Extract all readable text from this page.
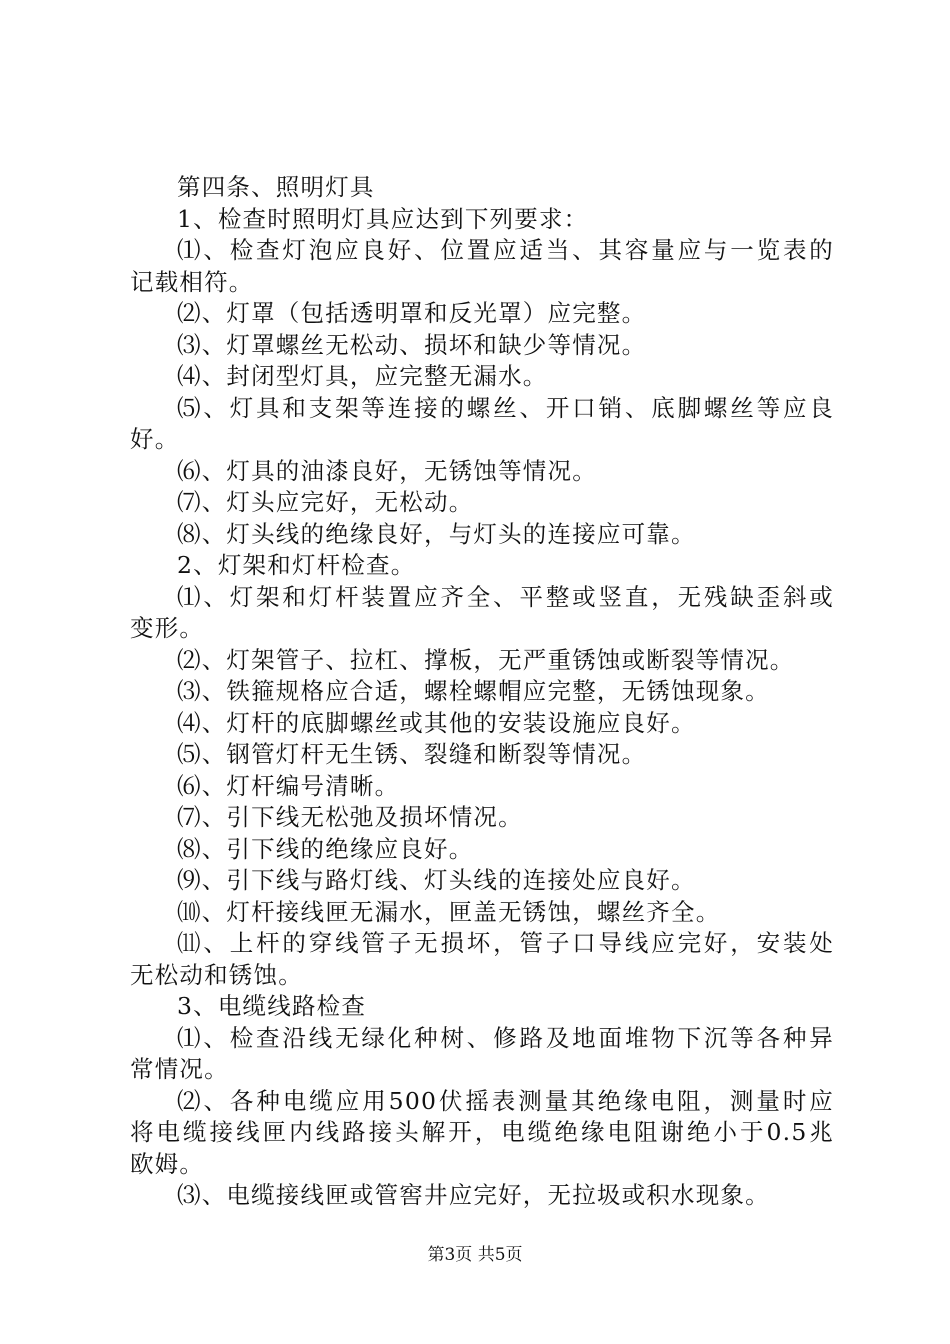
第四条、照明灯具
1、检查时照明灯具应达到下列要求：
⑴、检查灯泡应良好、位置应适当、其容量应与一览表的
记载相符。
⑵、灯罩（包括透明罩和反光罩）应完整。
⑶、灯罩螺丝无松动、损坏和缺少等情况。
⑷、封闭型灯具，应完整无漏水。
⑸、灯具和支架等连接的螺丝、开口销、底脚螺丝等应良
好。
⑹、灯具的油漆良好，无锈蚀等情况。
⑺、灯头应完好，无松动。
⑻、灯头线的绝缘良好，与灯头的连接应可靠。
2、灯架和灯杆检查。
⑴、灯架和灯杆装置应齐全、平整或竖直，无残缺歪斜或
变形。
⑵、灯架管子、拉杠、撑板，无严重锈蚀或断裂等情况。
⑶、铁箍规格应合适，螺栓螺帽应完整，无锈蚀现象。
⑷、灯杆的底脚螺丝或其他的安装设施应良好。
⑸、钢管灯杆无生锈、裂缝和断裂等情况。
⑹、灯杆编号清晰。
⑺、引下线无松弛及损坏情况。
⑻、引下线的绝缘应良好。
⑼、引下线与路灯线、灯头线的连接处应良好。
⑽、灯杆接线匣无漏水，匣盖无锈蚀，螺丝齐全。
⑾、上杆的穿线管子无损坏，管子口导线应完好，安装处
无松动和锈蚀。
3、电缆线路检查
⑴、检查沿线无绿化种树、修路及地面堆物下沉等各种异
常情况。
⑵、各种电缆应用500伏摇表测量其绝缘电阻，测量时应
将电缆接线匣内线路接头解开，电缆绝缘电阻谢绝小于0.5兆
欧姆。
⑶、电缆接线匣或管窖井应完好，无拉圾或积水现象。
第3页 共5页
